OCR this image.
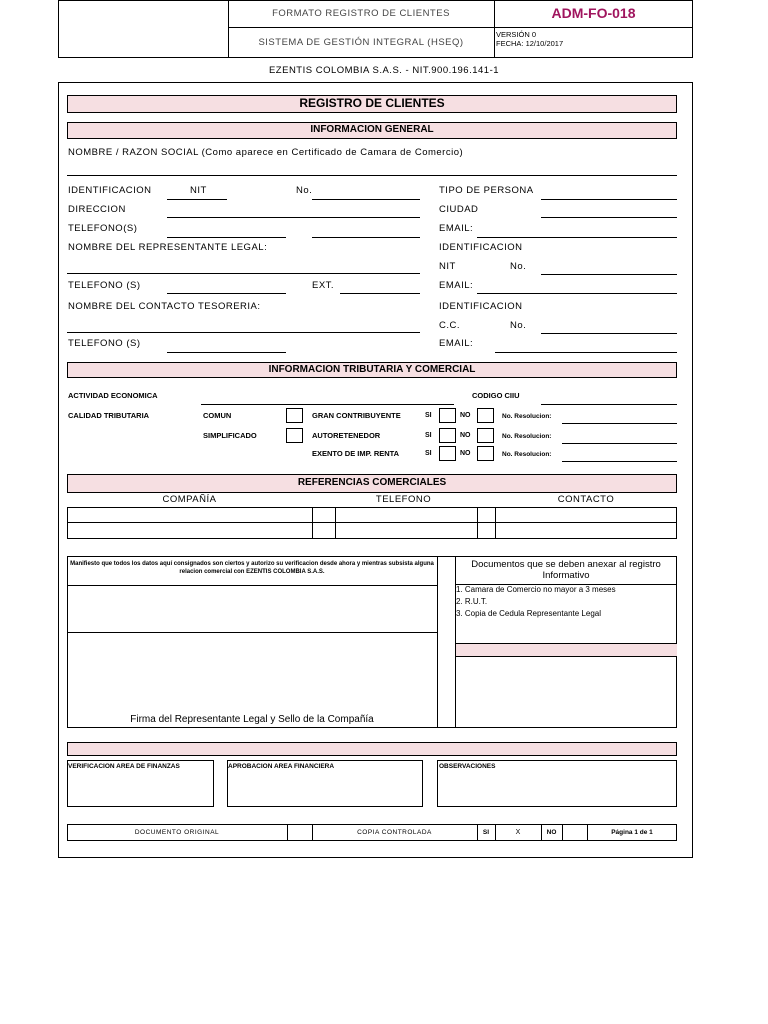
FORMATO REGISTRO DE CLIENTES
SISTEMA DE GESTIÓN INTEGRAL (HSEQ)
ADM-FO-018
VERSIÓN 0
FECHA: 12/10/2017
EZENTIS COLOMBIA S.A.S. - NIT.900.196.141-1
REGISTRO DE CLIENTES
INFORMACION GENERAL
NOMBRE / RAZON SOCIAL (Como aparece en Certificado de Camara de Comercio)
IDENTIFICACION	NIT	No.	TIPO DE PERSONA
DIRECCION	CIUDAD
TELEFONO(S)	EMAIL:
NOMBRE DEL REPRESENTANTE LEGAL:	IDENTIFICACION
NIT	No.
TELEFONO (S)	EXT.	EMAIL:
NOMBRE DEL CONTACTO TESORERIA:	IDENTIFICACION
C.C.	No.
TELEFONO (S)	EMAIL:
INFORMACION TRIBUTARIA Y COMERCIAL
ACTIVIDAD ECONOMICA	CODIGO CIIU
CALIDAD TRIBUTARIA	COMUN	GRAN CONTRIBUYENTE	SI	NO	No. Resolucion:
SIMPLIFICADO	AUTORETENEDOR	SI	NO	No. Resolucion:
EXENTO DE IMP. RENTA	SI	NO	No. Resolucion:
REFERENCIAS COMERCIALES
COMPAÑÍA	TELEFONO	CONTACTO
Manifiesto que todos los datos aquí consignados son ciertos y autorizo su verificacion desde ahora y mientras subsista alguna relacion comercial con EZENTIS COLOMBIA S.A.S.
Firma del Representante Legal y Sello de la Compañía
Documentos que se deben anexar al registro Informativo
1. Camara de Comercio no mayor a 3 meses
2. R.U.T.
3. Copia de Cedula Representante Legal
VERIFICACION AREA DE FINANZAS	APROBACION AREA FINANCIERA	OBSERVACIONES
DOCUMENTO ORIGINAL	COPIA CONTROLADA	SI	X	NO	Página 1 de 1
